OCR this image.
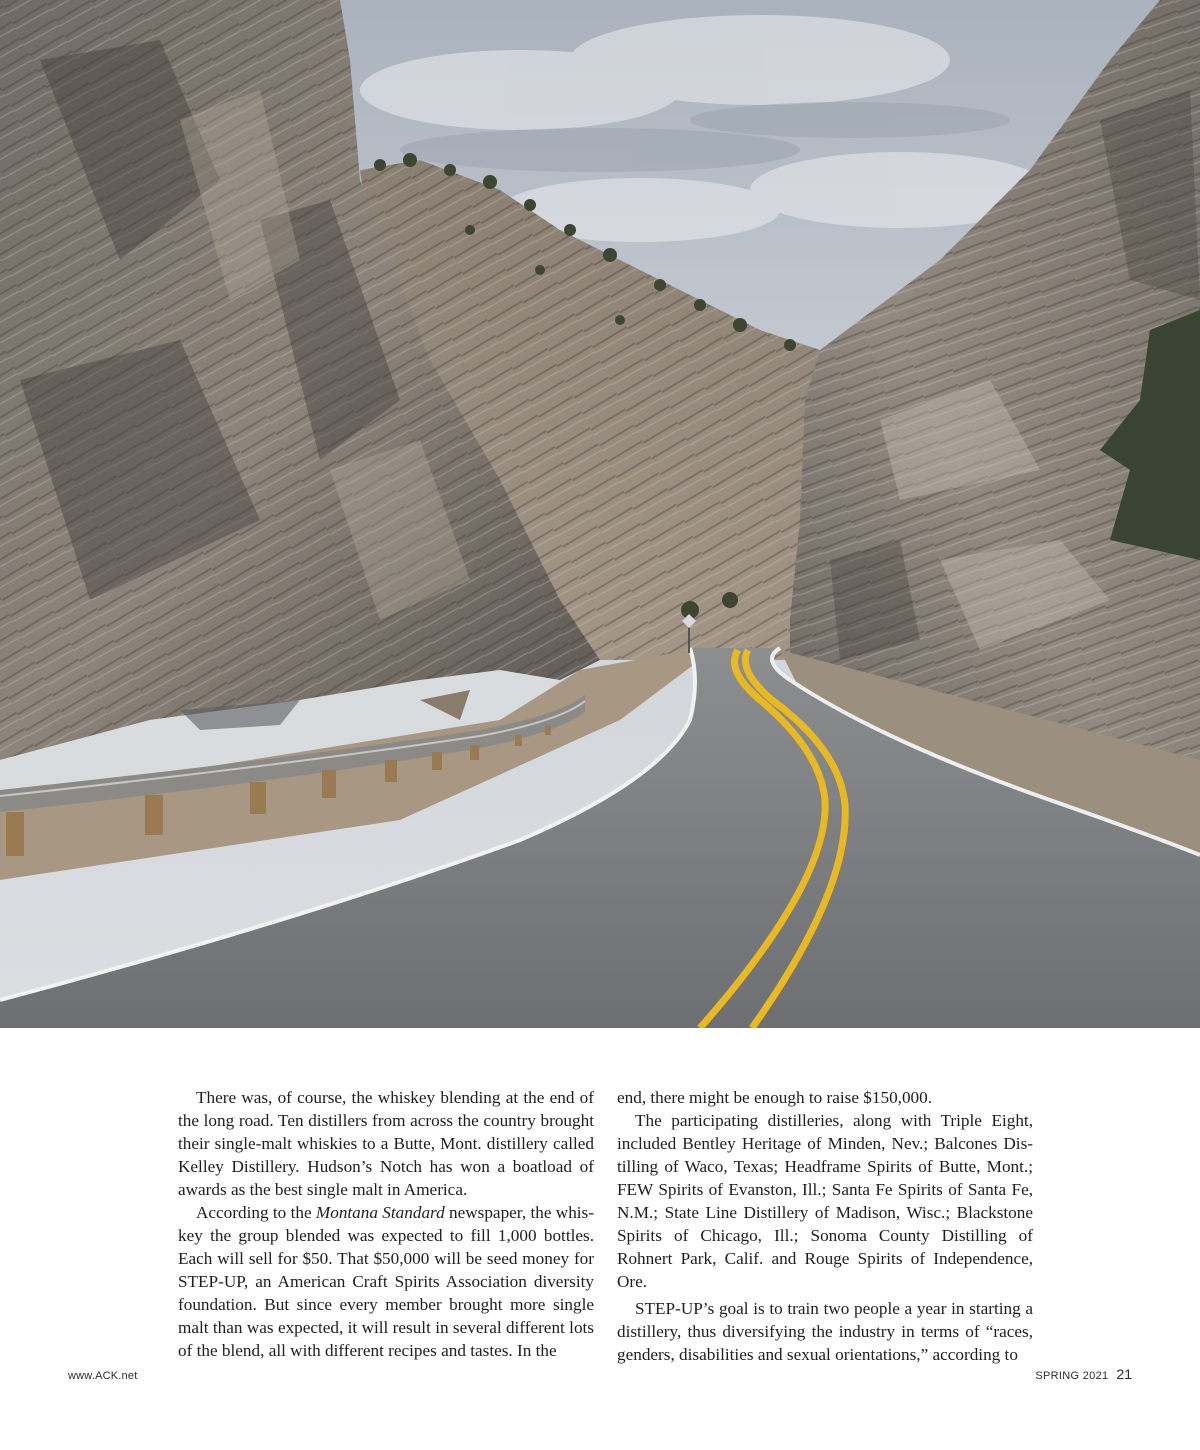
There was, of course, the whiskey blending at the end of the long road. Ten distillers from across the country brought their single-malt whiskies to a Butte, Mont. distillery called Kelley Distillery. Hudson’s Notch has won a boatload of awards as the best single malt in America.

According to the Montana Standard newspaper, the whiskey the group blended was expected to fill 1,000 bottles. Each will sell for $50. That $50,000 will be seed money for STEP-UP, an American Craft Spirits Association diversity foundation. But since every member brought more single malt than was expected, it will result in several different lots of the blend, all with different recipes and tastes. In the

end, there might be enough to raise $150,000.

The participating distilleries, along with Triple Eight, included Bentley Heritage of Minden, Nev.; Balcones Distilling of Waco, Texas; Headframe Spirits of Butte, Mont.; FEW Spirits of Evanston, Ill.; Santa Fe Spirits of Santa Fe, N.M.; State Line Distillery of Madison, Wisc.; Blackstone Spirits of Chicago, Ill.; Sonoma County Distilling of Rohnert Park, Calif. and Rouge Spirits of Independence, Ore.

STEP-UP’s goal is to train two people a year in starting a distillery, thus diversifying the industry in terms of “races, genders, disabilities and sexual orientations,” according to

www.ACK.net	SPRING 2021 21
